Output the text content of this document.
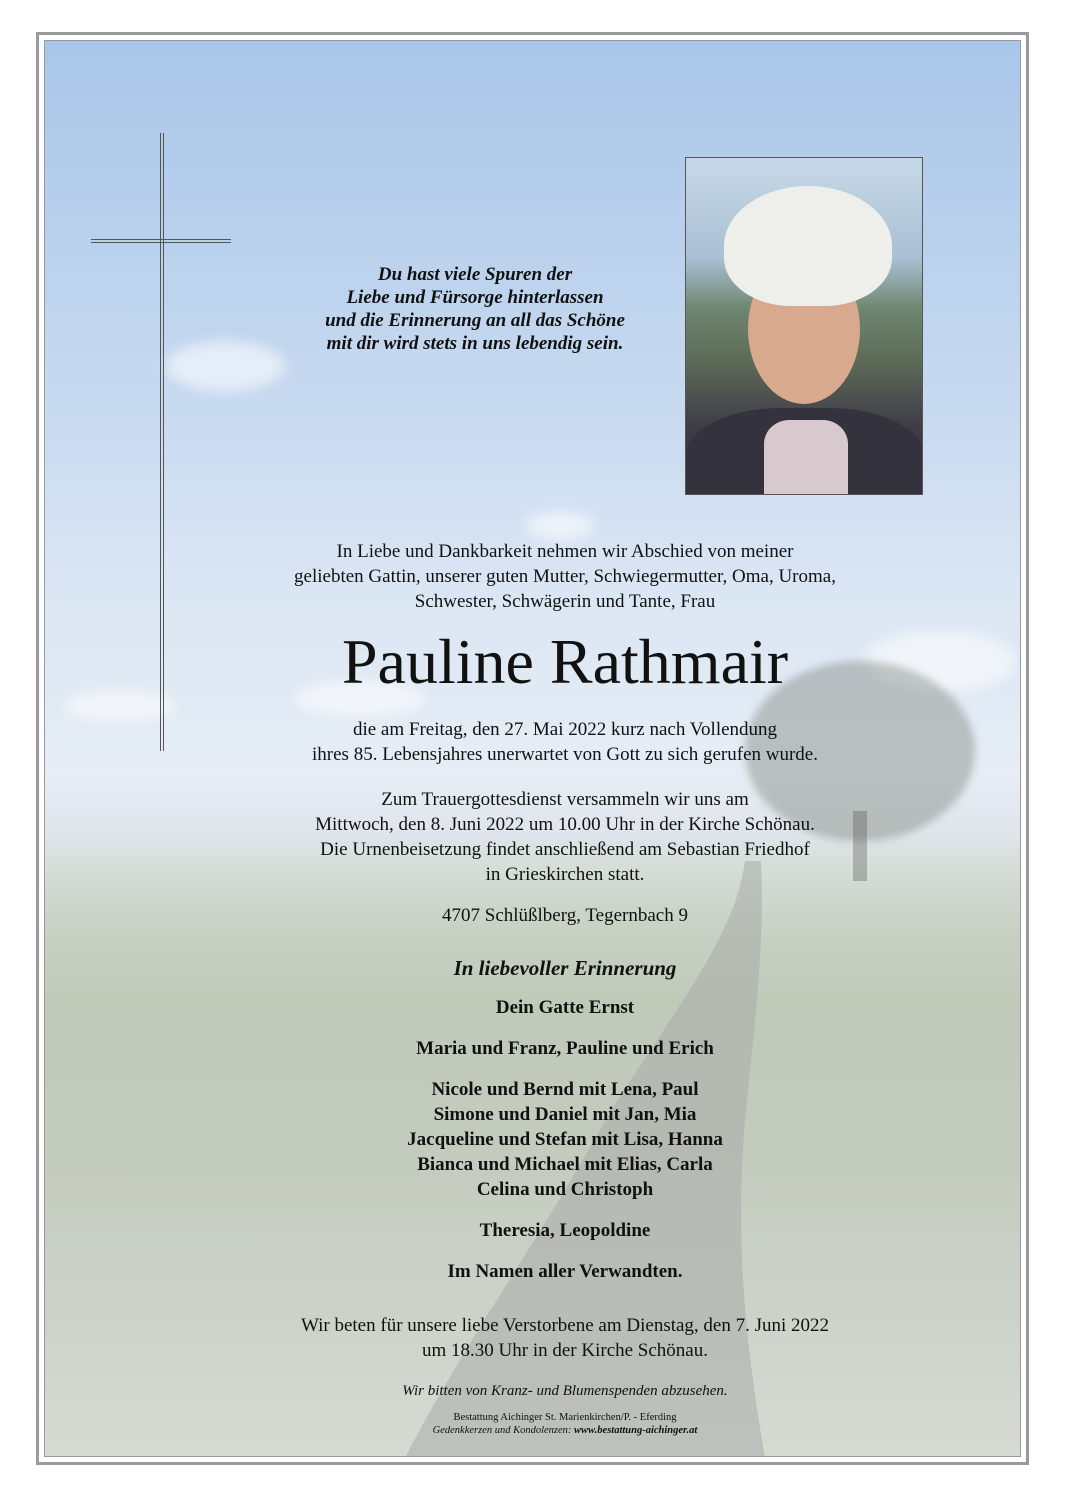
Du hast viele Spuren der
Liebe und Fürsorge hinterlassen
und die Erinnerung an all das Schöne
mit dir wird stets in uns lebendig sein.
In Liebe und Dankbarkeit nehmen wir Abschied von meiner
geliebten Gattin, unserer guten Mutter, Schwiegermutter, Oma, Uroma,
Schwester, Schwägerin und Tante, Frau
Pauline Rathmair
die am Freitag, den 27. Mai 2022 kurz nach Vollendung
ihres 85. Lebensjahres unerwartet von Gott zu sich gerufen wurde.
Zum Trauergottesdienst versammeln wir uns am
Mittwoch, den 8. Juni 2022 um 10.00 Uhr in der Kirche Schönau.
Die Urnenbeisetzung findet anschließend am Sebastian Friedhof
in Grieskirchen statt.
4707 Schlüßlberg, Tegernbach 9
In liebevoller Erinnerung
Dein Gatte Ernst
Maria und Franz, Pauline und Erich
Nicole und Bernd mit Lena, Paul
Simone und Daniel mit Jan, Mia
Jacqueline und Stefan mit Lisa, Hanna
Bianca und Michael mit Elias, Carla
Celina und Christoph
Theresia, Leopoldine
Im Namen aller Verwandten.
Wir beten für unsere liebe Verstorbene am Dienstag, den 7. Juni 2022
um 18.30 Uhr in der Kirche Schönau.
Wir bitten von Kranz- und Blumenspenden abzusehen.
Bestattung Aichinger St. Marienkirchen/P. - Eferding
Gedenkkerzen und Kondolenzen: www.bestattung-aichinger.at
